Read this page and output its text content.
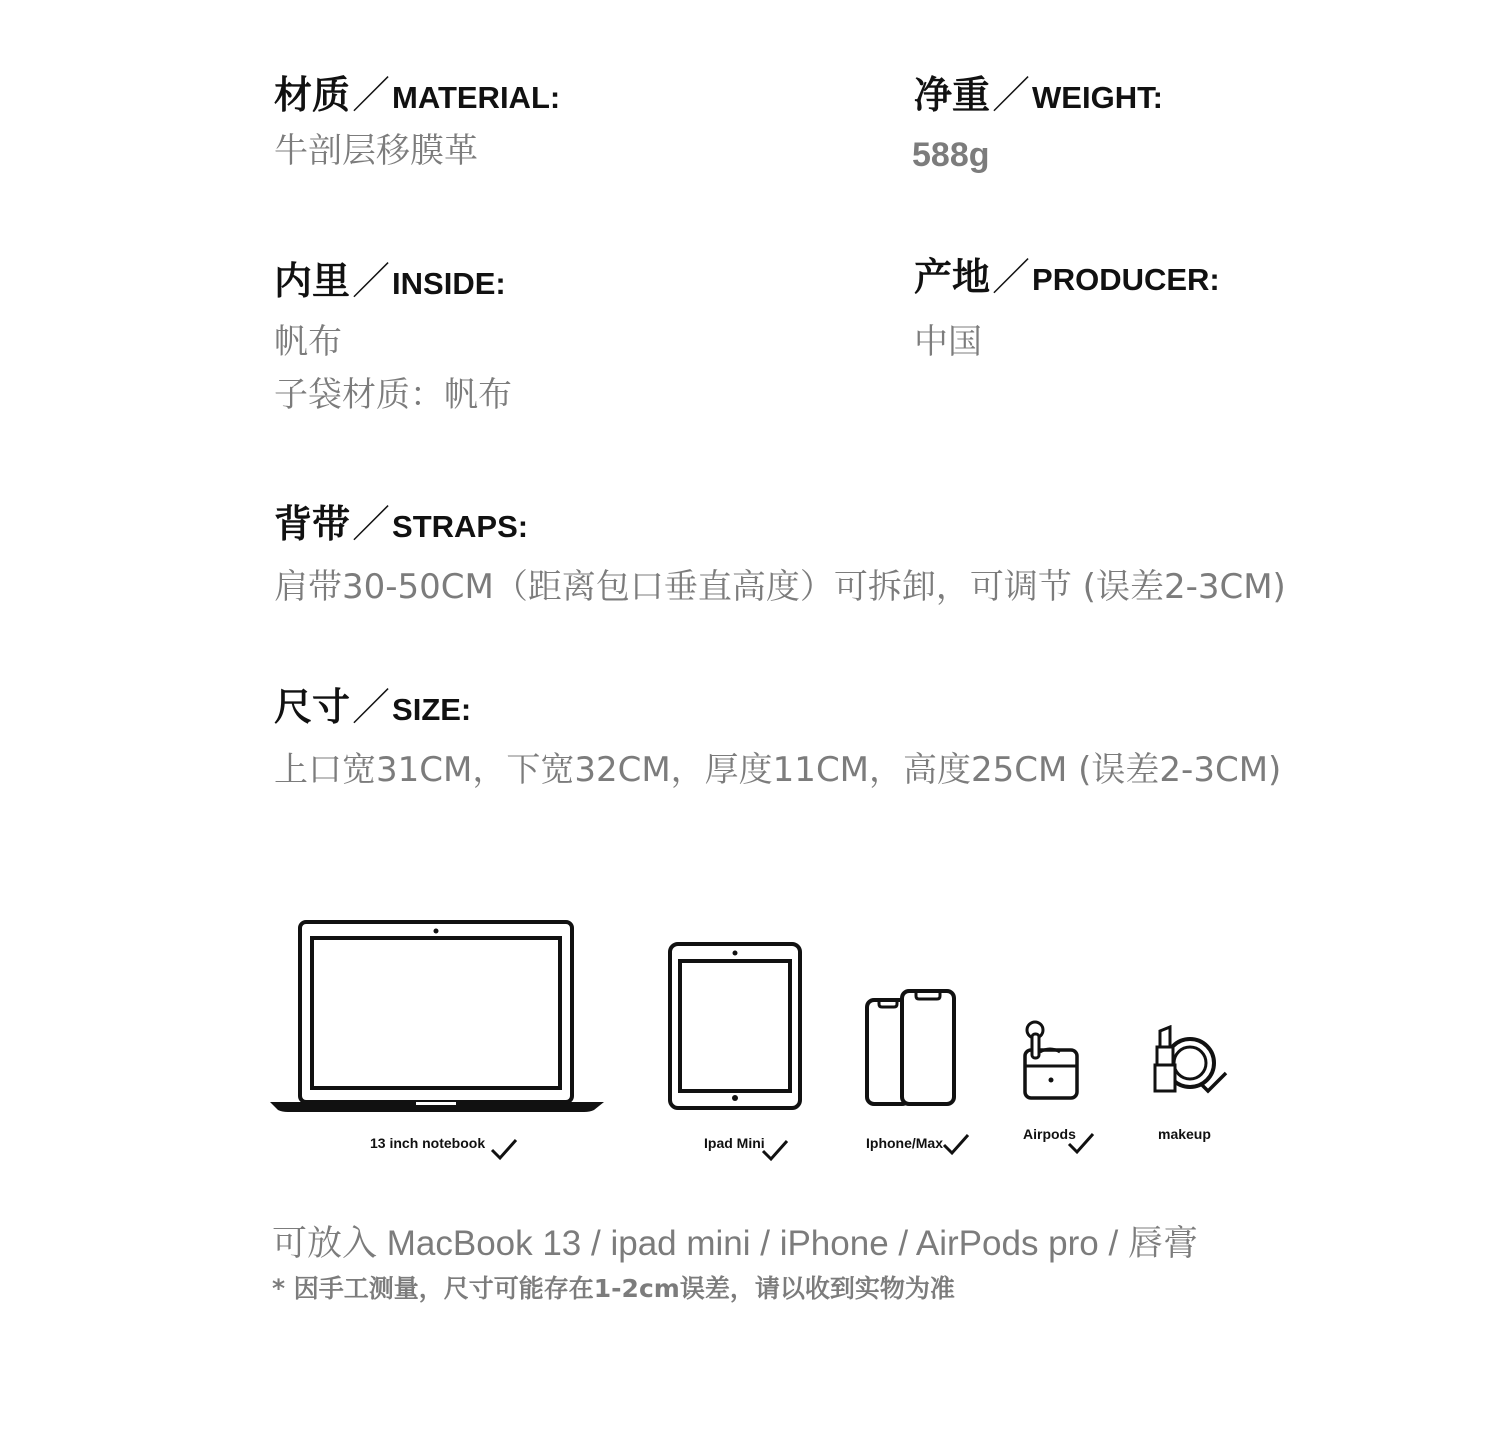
材质／MATERIAL:
牛剖层移膜革
净重／WEIGHT:
588g
内里／INSIDE:
帆布
子袋材质：帆布
产地／PRODUCER:
中国
背带／STRAPS:
肩带30-50CM（距离包口垂直高度）可拆卸，可调节 (误差2-3CM)
尺寸／SIZE:
上口宽31CM，下宽32CM，厚度11CM，高度25CM (误差2-3CM)
13 inch notebook	Ipad Mini	Iphone/Max
Airpods	makeup
可放入 MacBook 13 / ipad mini / iPhone / AirPods pro / 唇膏
* 因手工测量，尺寸可能存在1-2cm误差，请以收到实物为准
